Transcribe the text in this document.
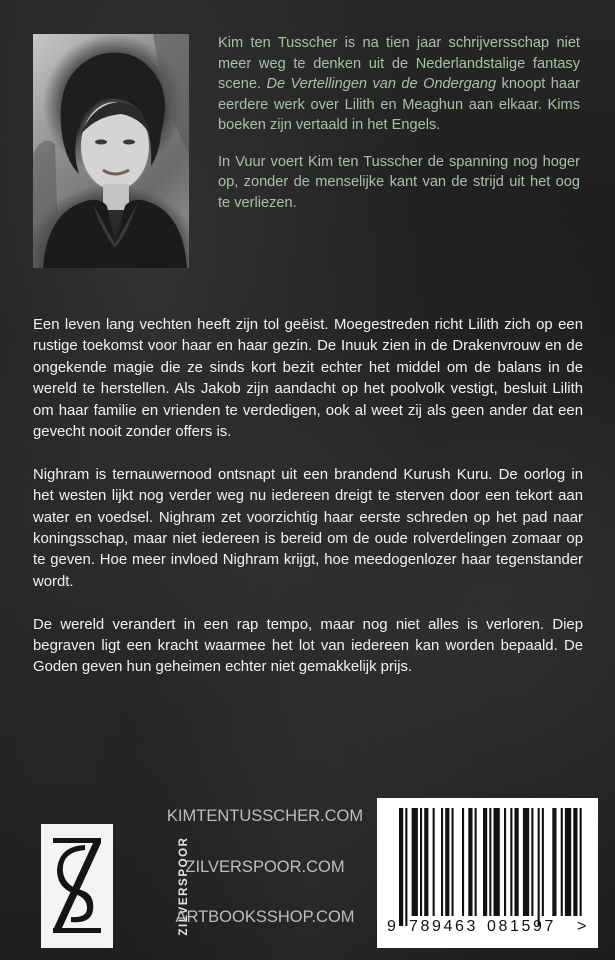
Kim ten Tusscher is na tien jaar schrijversschap niet meer weg te denken uit de Nederlandstalige fantasy scene. De Vertellingen van de Ondergang knoopt haar eerdere werk over Lilith en Meaghun aan elkaar. Kims boeken zijn vertaald in het Engels.

In Vuur voert Kim ten Tusscher de spanning nog hoger op, zonder de menselijke kant van de strijd uit het oog te verliezen.

Een leven lang vechten heeft zijn tol geëist. Moegestreden richt Lilith zich op een rustige toekomst voor haar en haar gezin. De Inuuk zien in de Drakenvrouw en de ongekende magie die ze sinds kort bezit echter het middel om de balans in de wereld te herstellen. Als Jakob zijn aandacht op het poolvolk vestigt, besluit Lilith om haar familie en vrienden te verdedigen, ook al weet zij als geen ander dat een gevecht nooit zonder offers is.

Nighram is ternauwernood ontsnapt uit een brandend Kurush Kuru. De oorlog in het westen lijkt nog verder weg nu iedereen dreigt te sterven door een tekort aan water en voedsel. Nighram zet voorzichtig haar eerste schreden op het pad naar koningsschap, maar niet iedereen is bereid om de oude rolverdelingen zomaar op te geven. Hoe meer invloed Nighram krijgt, hoe meedogenlozer haar tegenstander wordt.

De wereld verandert in een rap tempo, maar nog niet alles is verloren. Diep begraven ligt een kracht waarmee het lot van iedereen kan worden bepaald. De Goden geven hun geheimen echter niet gemakkelijk prijs.

ZILVERSPOOR
KIMTENTUSSCHER.COM
ZILVERSPOOR.COM
ARTBOOKSSHOP.COM
9 789463 081597 >
